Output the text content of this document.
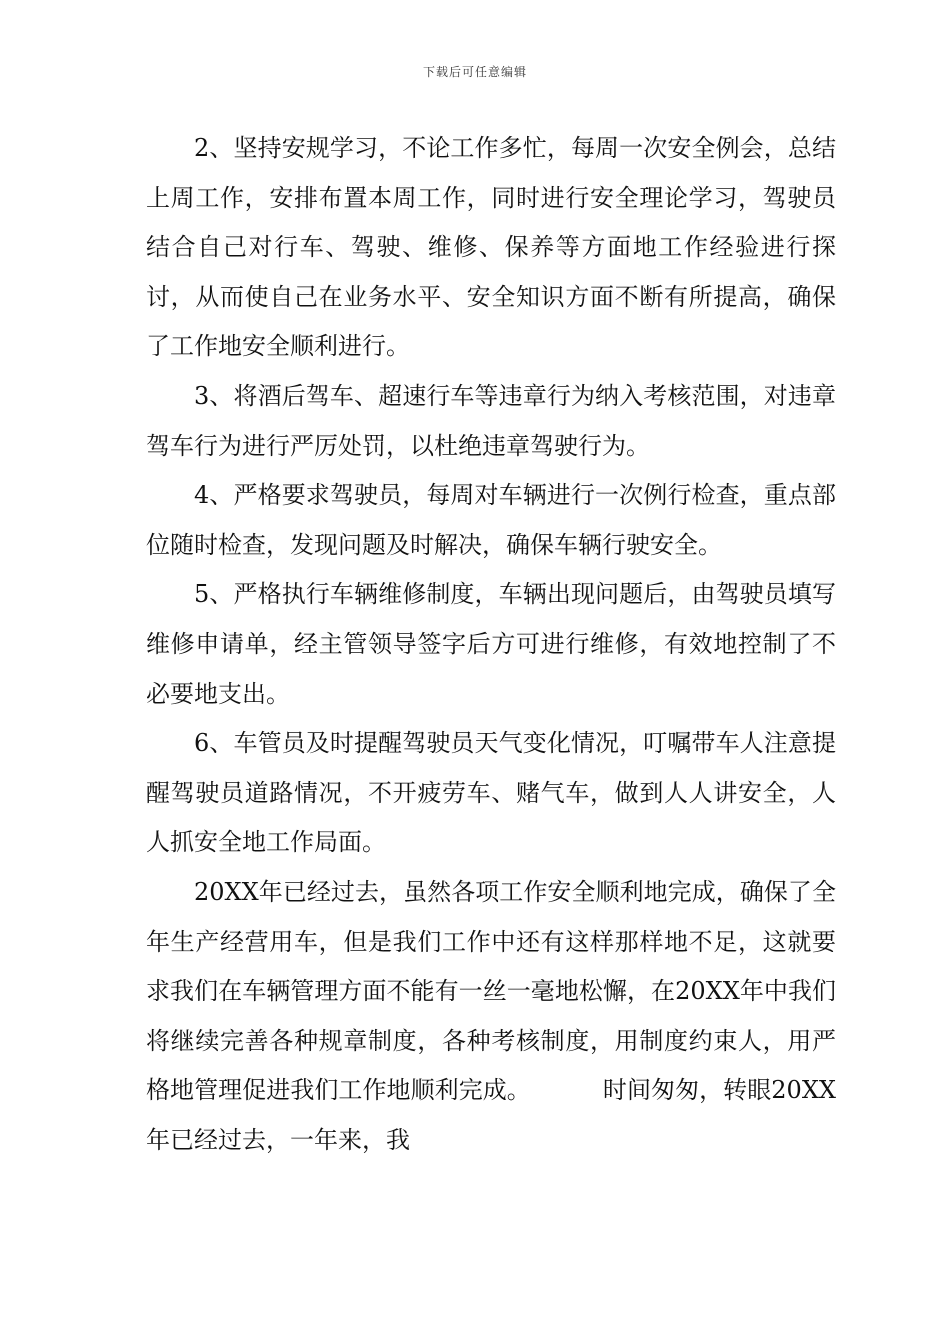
下载后可任意编辑

2、坚持安规学习，不论工作多忙，每周一次安全例会，总结上周工作，安排布置本周工作，同时进行安全理论学习，驾驶员结合自己对行车、驾驶、维修、保养等方面地工作经验进行探讨，从而使自己在业务水平、安全知识方面不断有所提高，确保了工作地安全顺利进行。

3、将酒后驾车、超速行车等违章行为纳入考核范围，对违章驾车行为进行严厉处罚，以杜绝违章驾驶行为。

4、严格要求驾驶员，每周对车辆进行一次例行检查，重点部位随时检查，发现问题及时解决，确保车辆行驶安全。

5、严格执行车辆维修制度，车辆出现问题后，由驾驶员填写维修申请单，经主管领导签字后方可进行维修，有效地控制了不必要地支出。

6、车管员及时提醒驾驶员天气变化情况，叮嘱带车人注意提醒驾驶员道路情况，不开疲劳车、赌气车，做到人人讲安全，人人抓安全地工作局面。

20XX年已经过去，虽然各项工作安全顺利地完成，确保了全年生产经营用车，但是我们工作中还有这样那样地不足，这就要求我们在车辆管理方面不能有一丝一毫地松懈，在20XX年中我们将继续完善各种规章制度，各种考核制度，用制度约束人，用严格地管理促进我们工作地顺利完成。	时间匆匆，转眼20XX年已经过去，一年来，我
